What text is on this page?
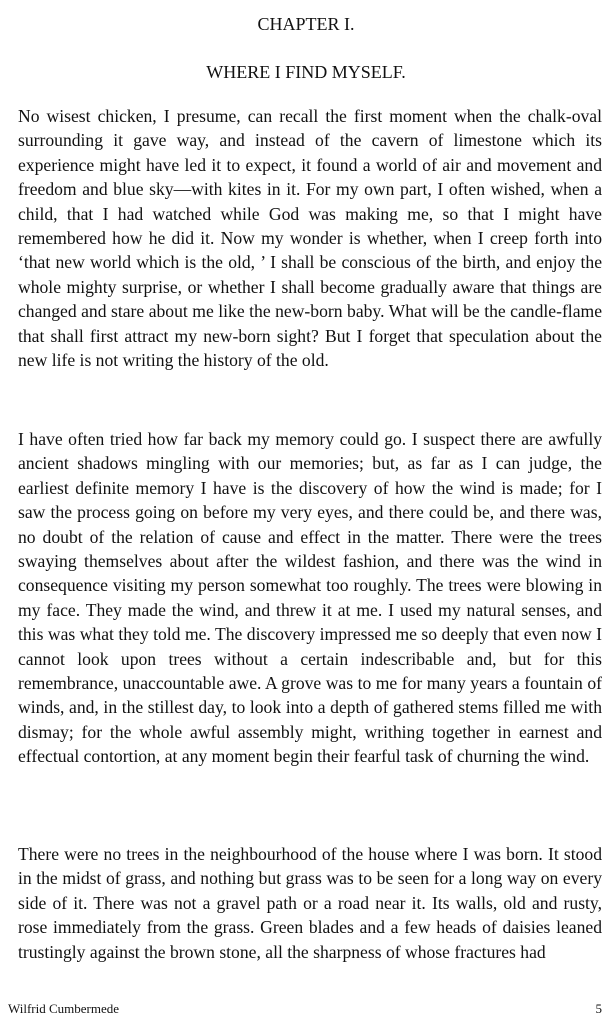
CHAPTER I.
WHERE I FIND MYSELF.

No wisest chicken, I presume, can recall the first moment when the chalk-oval surrounding it gave way, and instead of the cavern of limestone which its experience might have led it to expect, it found a world of air and movement and freedom and blue sky—with kites in it. For my own part, I often wished, when a child, that I had watched while God was making me, so that I might have remembered how he did it. Now my wonder is whether, when I creep forth into ‘that new world which is the old, ’ I shall be conscious of the birth, and enjoy the whole mighty surprise, or whether I shall become gradually aware that things are changed and stare about me like the new-born baby. What will be the candle-flame that shall first attract my new-born sight? But I forget that speculation about the new life is not writing the history of the old.

I have often tried how far back my memory could go. I suspect there are awfully ancient shadows mingling with our memories; but, as far as I can judge, the earliest definite memory I have is the discovery of how the wind is made; for I saw the process going on before my very eyes, and there could be, and there was, no doubt of the relation of cause and effect in the matter. There were the trees swaying themselves about after the wildest fashion, and there was the wind in consequence visiting my person somewhat too roughly. The trees were blowing in my face. They made the wind, and threw it at me. I used my natural senses, and this was what they told me. The discovery impressed me so deeply that even now I cannot look upon trees without a certain indescribable and, but for this remembrance, unaccountable awe. A grove was to me for many years a fountain of winds, and, in the stillest day, to look into a depth of gathered stems filled me with dismay; for the whole awful assembly might, writhing together in earnest and effectual contortion, at any moment begin their fearful task of churning the wind.

There were no trees in the neighbourhood of the house where I was born. It stood in the midst of grass, and nothing but grass was to be seen for a long way on every side of it. There was not a gravel path or a road near it. Its walls, old and rusty, rose immediately from the grass. Green blades and a few heads of daisies leaned trustingly against the brown stone, all the sharpness of whose fractures had

Wilfrid Cumbermede	5
